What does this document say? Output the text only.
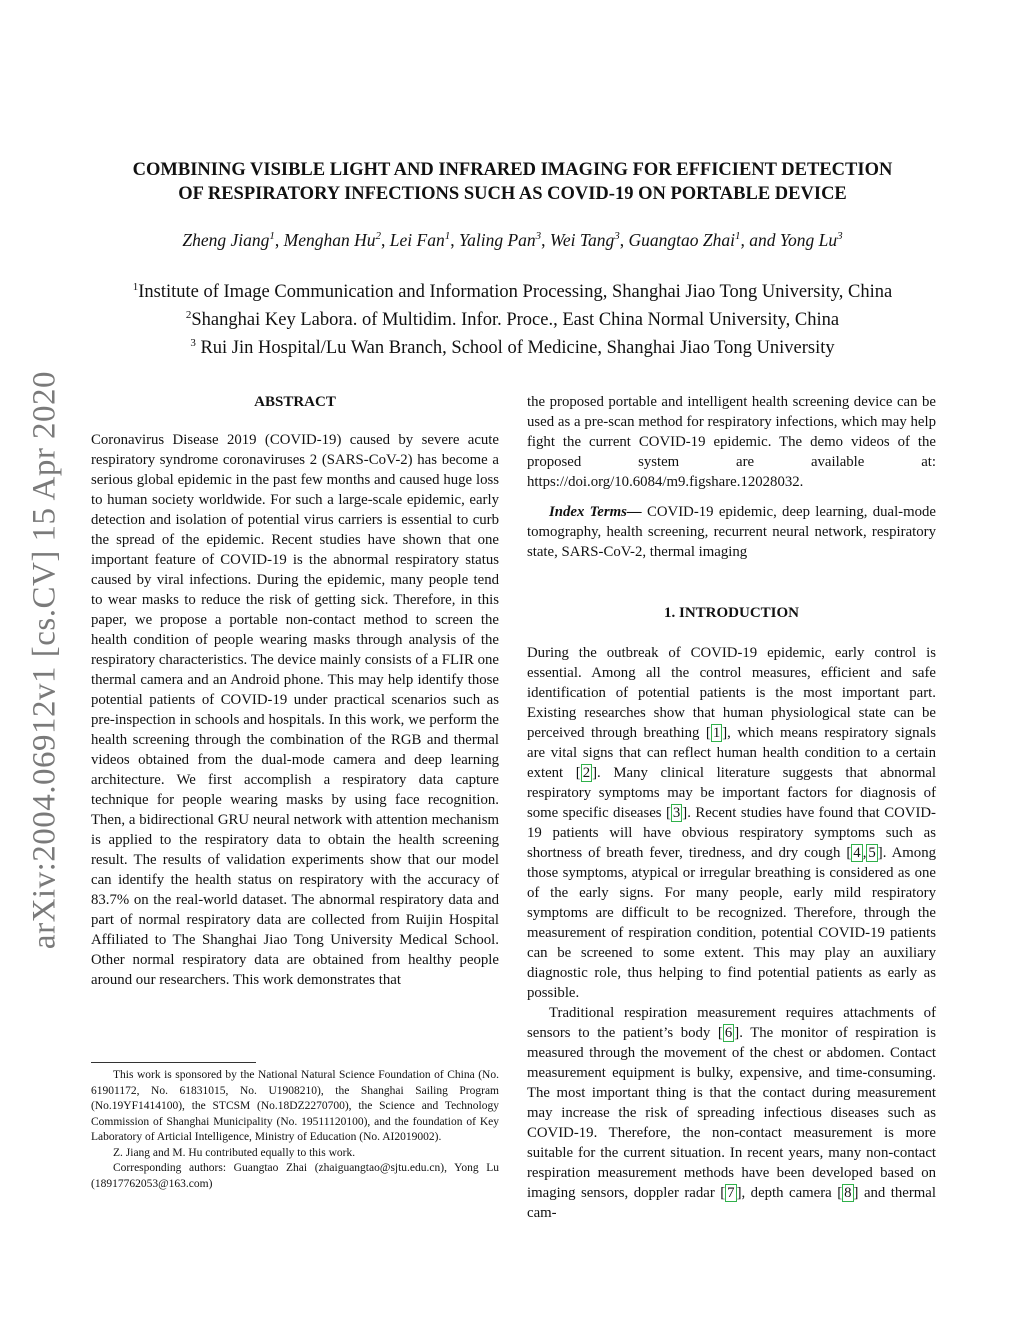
arXiv:2004.06912v1 [cs.CV] 15 Apr 2020
COMBINING VISIBLE LIGHT AND INFRARED IMAGING FOR EFFICIENT DETECTION
OF RESPIRATORY INFECTIONS SUCH AS COVID-19 ON PORTABLE DEVICE
Zheng Jiang$^1$, Menghan Hu$^2$, Lei Fan$^1$, Yaling Pan$^3$, Wei Tang$^3$, Guangtao Zhai$^1$, and Yong Lu$^3$
$^1$Institute of Image Communication and Information Processing, Shanghai Jiao Tong University, China
$^2$Shanghai Key Labora. of Multidim. Infor. Proce., East China Normal University, China
$^3$ Rui Jin Hospital/Lu Wan Branch, School of Medicine, Shanghai Jiao Tong University
ABSTRACT

Coronavirus Disease 2019 (COVID-19) caused by severe acute respiratory syndrome coronaviruses 2 (SARS-CoV-2) has become a serious global epidemic in the past few months and caused huge loss to human society worldwide. For such a large-scale epidemic, early detection and isolation of potential virus carriers is essential to curb the spread of the epidemic. Recent studies have shown that one important feature of COVID-19 is the abnormal respiratory status caused by viral infections. During the epidemic, many people tend to wear masks to reduce the risk of getting sick. Therefore, in this paper, we propose a portable non-contact method to screen the health condition of people wearing masks through analysis of the respiratory characteristics. The device mainly consists of a FLIR one thermal camera and an Android phone. This may help identify those potential patients of COVID-19 under practical scenarios such as pre-inspection in schools and hospitals. In this work, we perform the health screening through the combination of the RGB and thermal videos obtained from the dual-mode camera and deep learning architecture. We first accomplish a respiratory data capture technique for people wearing masks by using face recognition. Then, a bidirectional GRU neural network with attention mechanism is applied to the respiratory data to obtain the health screening result. The results of validation experiments show that our model can identify the health status on respiratory with the accuracy of 83.7% on the real-world dataset. The abnormal respiratory data and part of normal respiratory data are collected from Ruijin Hospital Affiliated to The Shanghai Jiao Tong University Medical School. Other normal respiratory data are obtained from healthy people around our researchers. This work demonstrates that

This work is sponsored by the National Natural Science Foundation of China (No. 61901172, No. 61831015, No. U1908210), the Shanghai Sailing Program (No.19YF1414100), the STCSM (No.18DZ2270700), the Science and Technology Commission of Shanghai Municipality (No. 19511120100), and the foundation of Key Laboratory of Articial Intelligence, Ministry of Education (No. AI2019002).

Z. Jiang and M. Hu contributed equally to this work.

Corresponding authors: Guangtao Zhai (zhaiguangtao@sjtu.edu.cn), Yong Lu (18917762053@163.com)

the proposed portable and intelligent health screening device can be used as a pre-scan method for respiratory infections, which may help fight the current COVID-19 epidemic. The demo videos of the proposed system are available at: https://doi.org/10.6084/m9.figshare.12028032.

Index Terms— COVID-19 epidemic, deep learning, dual-mode tomography, health screening, recurrent neural network, respiratory state, SARS-CoV-2, thermal imaging

1. INTRODUCTION

During the outbreak of COVID-19 epidemic, early control is essential. Among all the control measures, efficient and safe identification of potential patients is the most important part. Existing researches show that human physiological state can be perceived through breathing [ 1 ], which means respiratory signals are vital signs that can reflect human health condition to a certain extent [ 2 ]. Many clinical literature suggests that abnormal respiratory symptoms may be important factors for diagnosis of some specific diseases [ 3 ]. Recent studies have found that COVID-19 patients will have obvious respiratory symptoms such as shortness of breath fever, tiredness, and dry cough [ 4 , 5 ]. Among those symptoms, atypical or irregular breathing is considered as one of the early signs. For many people, early mild respiratory symptoms are difficult to be recognized. Therefore, through the measurement of respiration condition, potential COVID-19 patients can be screened to some extent. This may play an auxiliary diagnostic role, thus helping to find potential patients as early as possible.

Traditional respiration measurement requires attachments of sensors to the patient’s body [ 6 ]. The monitor of respiration is measured through the movement of the chest or abdomen. Contact measurement equipment is bulky, expensive, and time-consuming. The most important thing is that the contact during measurement may increase the risk of spreading infectious diseases such as COVID-19. Therefore, the non-contact measurement is more suitable for the current situation. In recent years, many non-contact respiration measurement methods have been developed based on imaging sensors, doppler radar [ 7 ], depth camera [ 8 ] and thermal cam-
